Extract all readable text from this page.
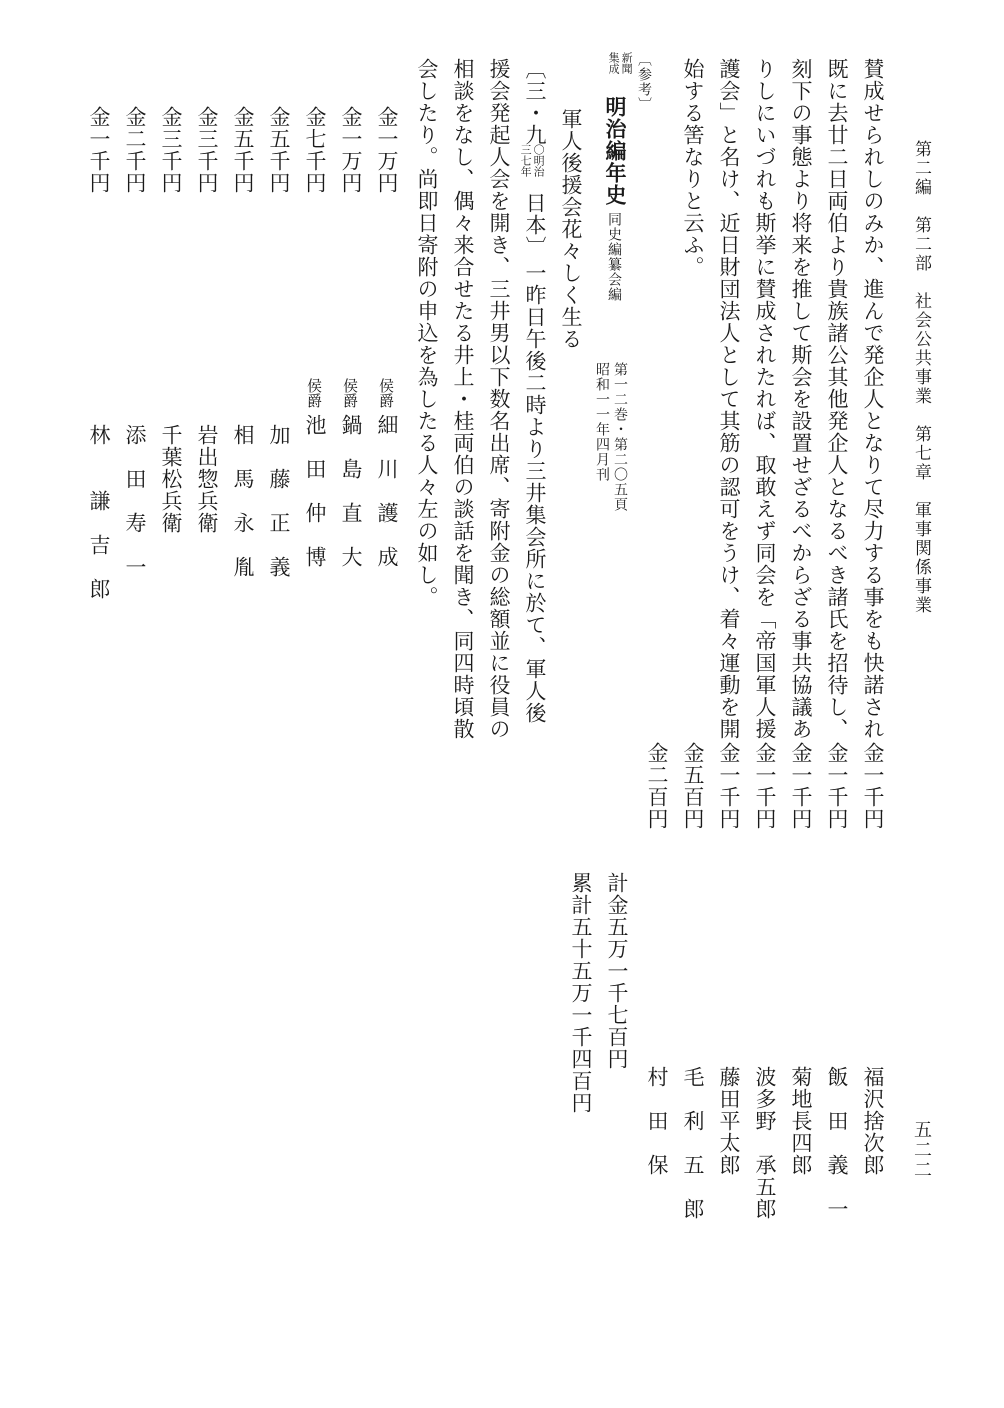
第二編　第二部　社会公共事業　第七章　軍事関係事業
賛成せられしのみか、進んで発企人となりて尽力する事をも快諾され
既に去廿二日両伯より貴族諸公其他発企人となるべき諸氏を招待し、
刻下の事態より将来を推して斯会を設置せざるべからざる事共協議あ
りしにいづれも斯挙に賛成されたれば、取敢えず同会を「帝国軍人援
護会」と名け、近日財団法人として其筋の認可をうけ、着々運動を開
始する筈なりと云ふ。
金一千円
金一千円
金一千円
金一千円
金一千円
金五百円
金二百円
福沢捨次郎
飯　田　義　一
菊地長四郎
波多野　承五郎
藤田平太郎
毛　利　五　郎
村　田　保
計金五万一千七百円
累計五十五万一千四百円
五二二
〔参考〕
新聞
集成
明治編年史
同史編纂会編
第一二巻・第二〇五頁
昭和一一年四月刊
軍人後援会花々しく生る
〔三・九
〇明治
三七年
日本〕
一昨日午後二時より三井集会所に於て、軍人後
援会発起人会を開き、三井男以下数名出席、寄附金の総額並に役員の
相談をなし、偶々来合せたる井上・桂両伯の談話を聞き、同四時頃散
会したり。尚即日寄附の申込を為したる人々左の如し。
金一万円
金一万円
金七千円
金五千円
金五千円
金三千円
金三千円
金二千円
金一千円
侯爵
侯爵
侯爵
細　川　護　成
鍋　島　直　大
池　田　仲　博
加　藤　正　義
相　馬　永　胤
岩出惣兵衛
千葉松兵衛
添　田　寿　一
林　　謙　吉　郎
